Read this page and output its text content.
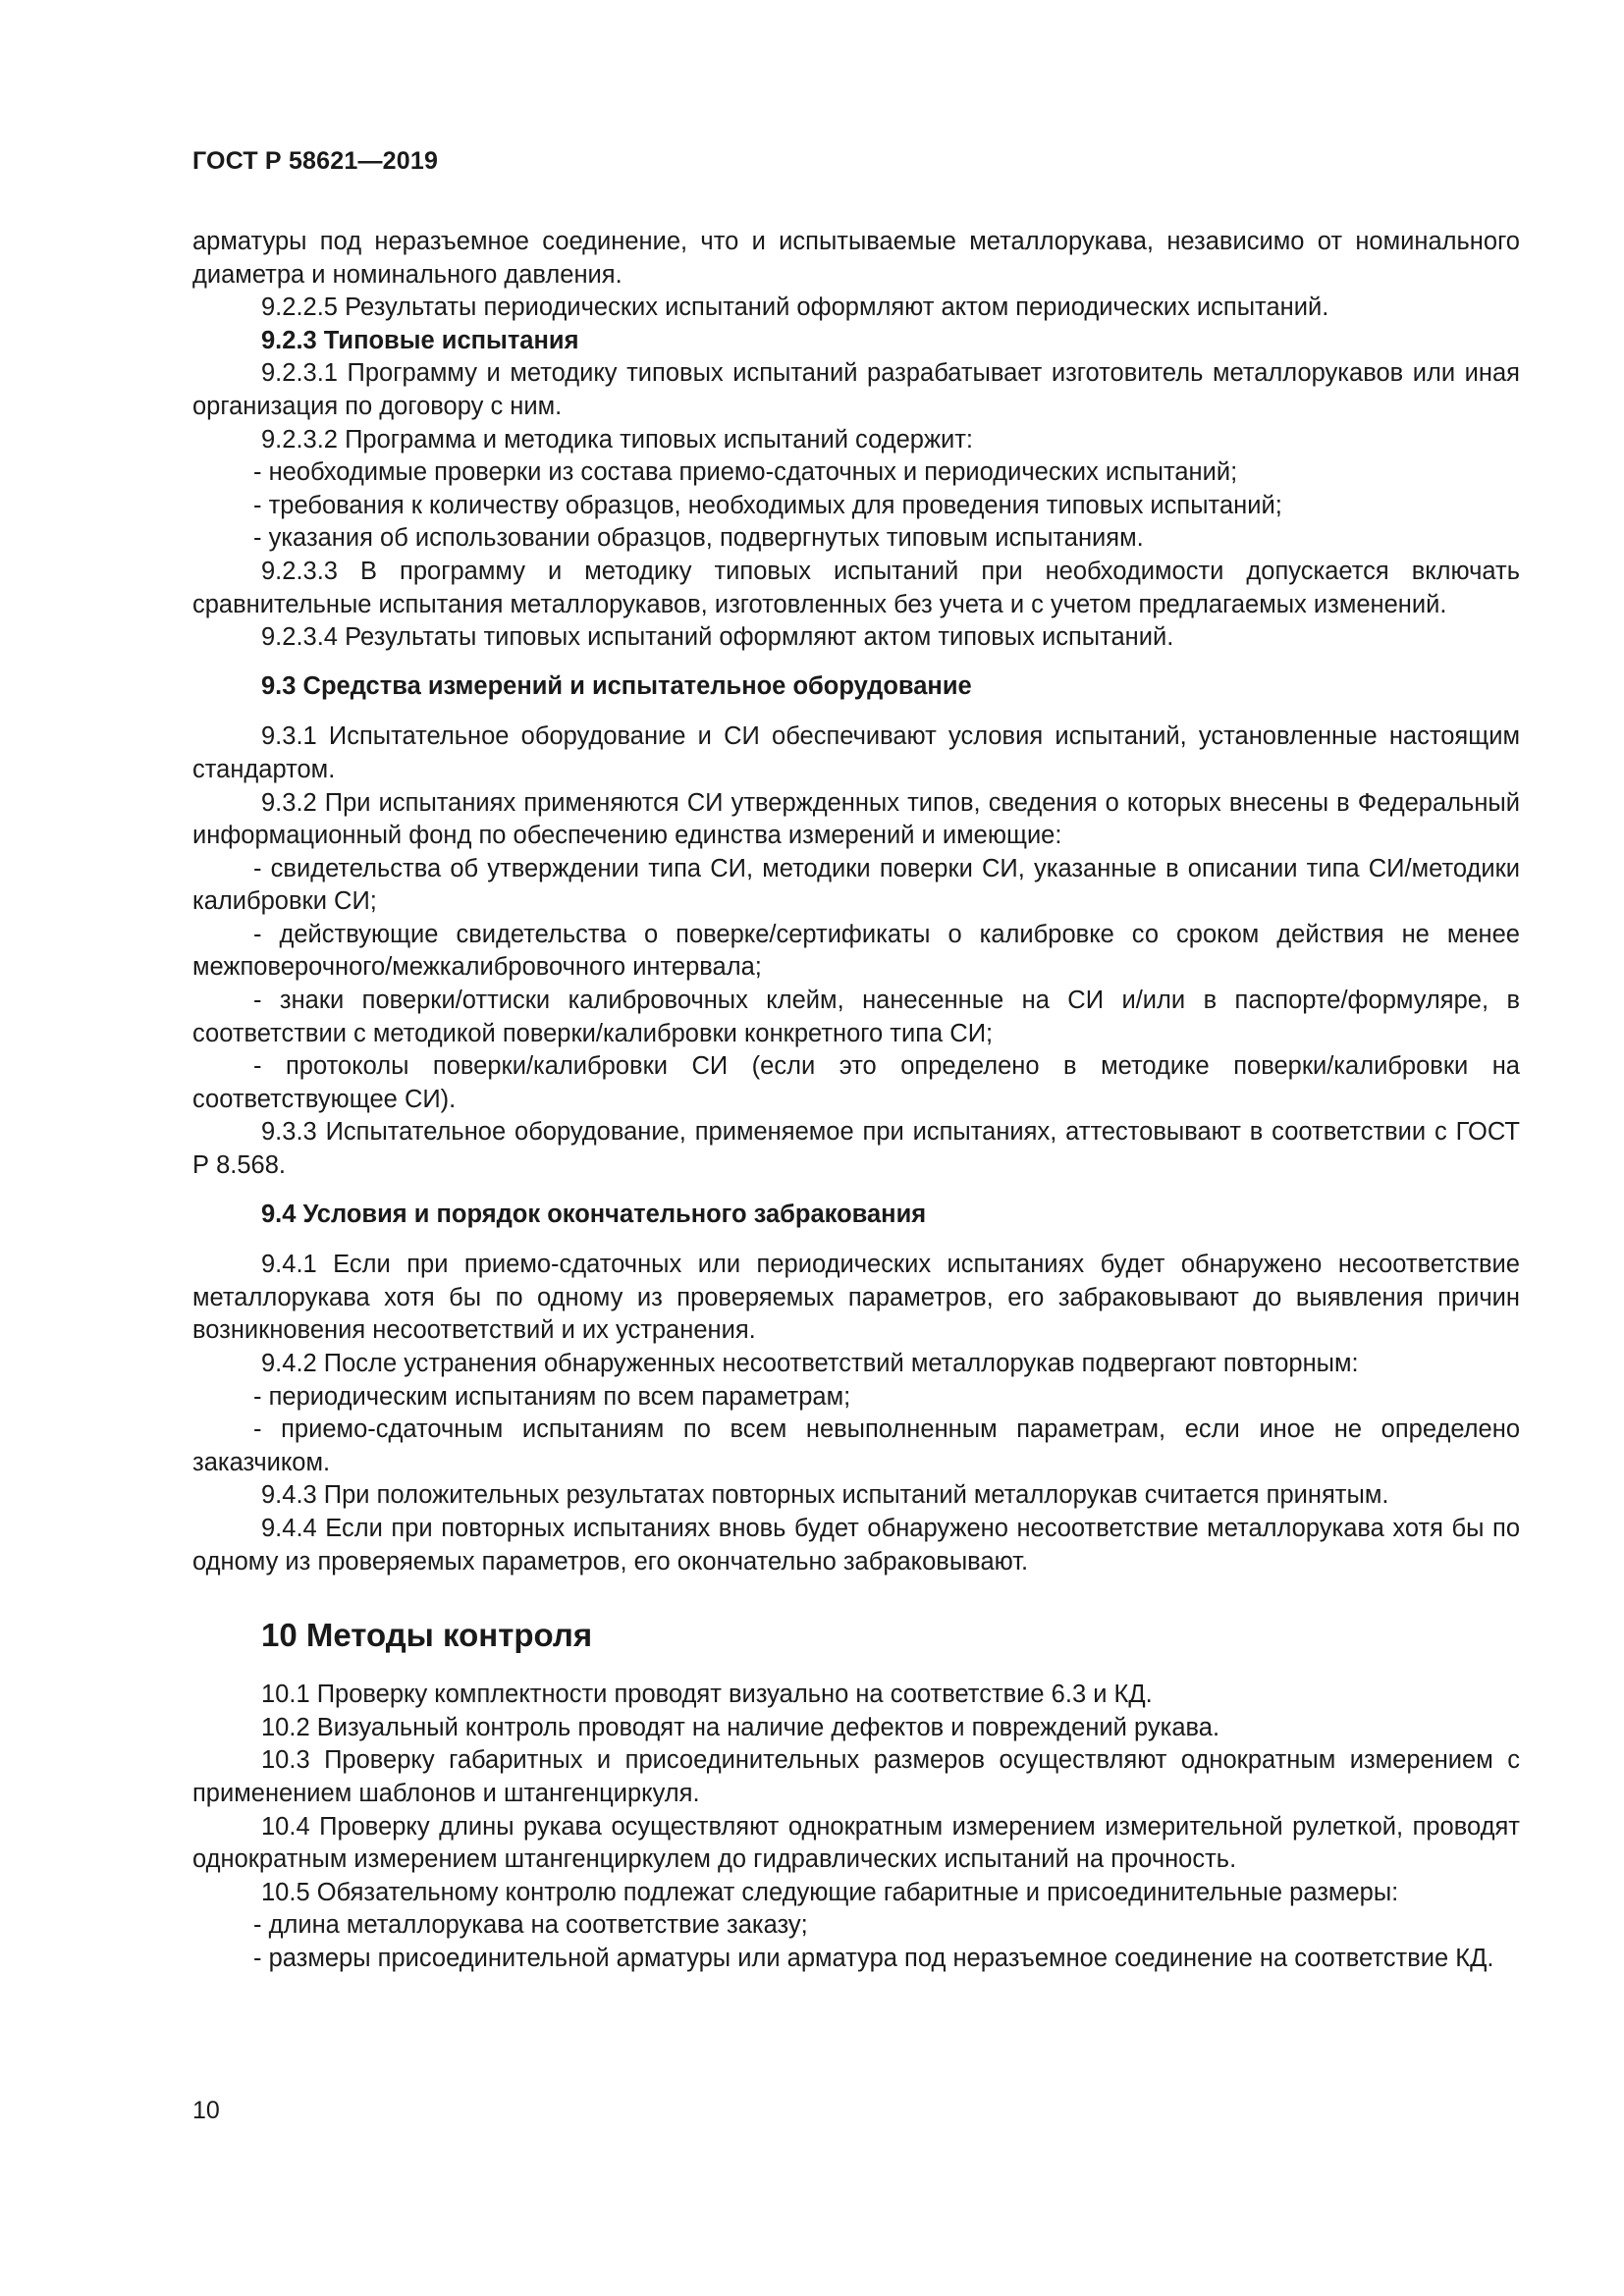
ГОСТ Р 58621—2019

арматуры под неразъемное соединение, что и испытываемые металлорукава, независимо от номинального диаметра и номинального давления.

9.2.2.5 Результаты периодических испытаний оформляют актом периодических испытаний.

9.2.3 Типовые испытания

9.2.3.1 Программу и методику типовых испытаний разрабатывает изготовитель металлорукавов или иная организация по договору с ним.

9.2.3.2 Программа и методика типовых испытаний содержит:

- необходимые проверки из состава приемо-сдаточных и периодических испытаний;

- требования к количеству образцов, необходимых для проведения типовых испытаний;

- указания об использовании образцов, подвергнутых типовым испытаниям.

9.2.3.3 В программу и методику типовых испытаний при необходимости допускается включать сравнительные испытания металлорукавов, изготовленных без учета и с учетом предлагаемых изменений.

9.2.3.4 Результаты типовых испытаний оформляют актом типовых испытаний.

9.3 Средства измерений и испытательное оборудование

9.3.1 Испытательное оборудование и СИ обеспечивают условия испытаний, установленные настоящим стандартом.

9.3.2 При испытаниях применяются СИ утвержденных типов, сведения о которых внесены в Федеральный информационный фонд по обеспечению единства измерений и имеющие:

- свидетельства об утверждении типа СИ, методики поверки СИ, указанные в описании типа СИ/методики калибровки СИ;

- действующие свидетельства о поверке/сертификаты о калибровке со сроком действия не менее межповерочного/межкалибровочного интервала;

- знаки поверки/оттиски калибровочных клейм, нанесенные на СИ и/или в паспорте/формуляре, в соответствии с методикой поверки/калибровки конкретного типа СИ;

- протоколы поверки/калибровки СИ (если это определено в методике поверки/калибровки на соответствующее СИ).

9.3.3 Испытательное оборудование, применяемое при испытаниях, аттестовывают в соответствии с ГОСТ Р 8.568.

9.4 Условия и порядок окончательного забракования

9.4.1 Если при приемо-сдаточных или периодических испытаниях будет обнаружено несоответствие металлорукава хотя бы по одному из проверяемых параметров, его забраковывают до выявления причин возникновения несоответствий и их устранения.

9.4.2 После устранения обнаруженных несоответствий металлорукав подвергают повторным:

- периодическим испытаниям по всем параметрам;

- приемо-сдаточным испытаниям по всем невыполненным параметрам, если иное не определено заказчиком.

9.4.3 При положительных результатах повторных испытаний металлорукав считается принятым.

9.4.4 Если при повторных испытаниях вновь будет обнаружено несоответствие металлорукава хотя бы по одному из проверяемых параметров, его окончательно забраковывают.

10 Методы контроля

10.1 Проверку комплектности проводят визуально на соответствие 6.3 и КД.

10.2 Визуальный контроль проводят на наличие дефектов и повреждений рукава.

10.3 Проверку габаритных и присоединительных размеров осуществляют однократным измерением с применением шаблонов и штангенциркуля.

10.4 Проверку длины рукава осуществляют однократным измерением измерительной рулеткой, проводят однократным измерением штангенциркулем до гидравлических испытаний на прочность.

10.5 Обязательному контролю подлежат следующие габаритные и присоединительные размеры:

- длина металлорукава на соответствие заказу;

- размеры присоединительной арматуры или арматура под неразъемное соединение на соответствие КД.

10
